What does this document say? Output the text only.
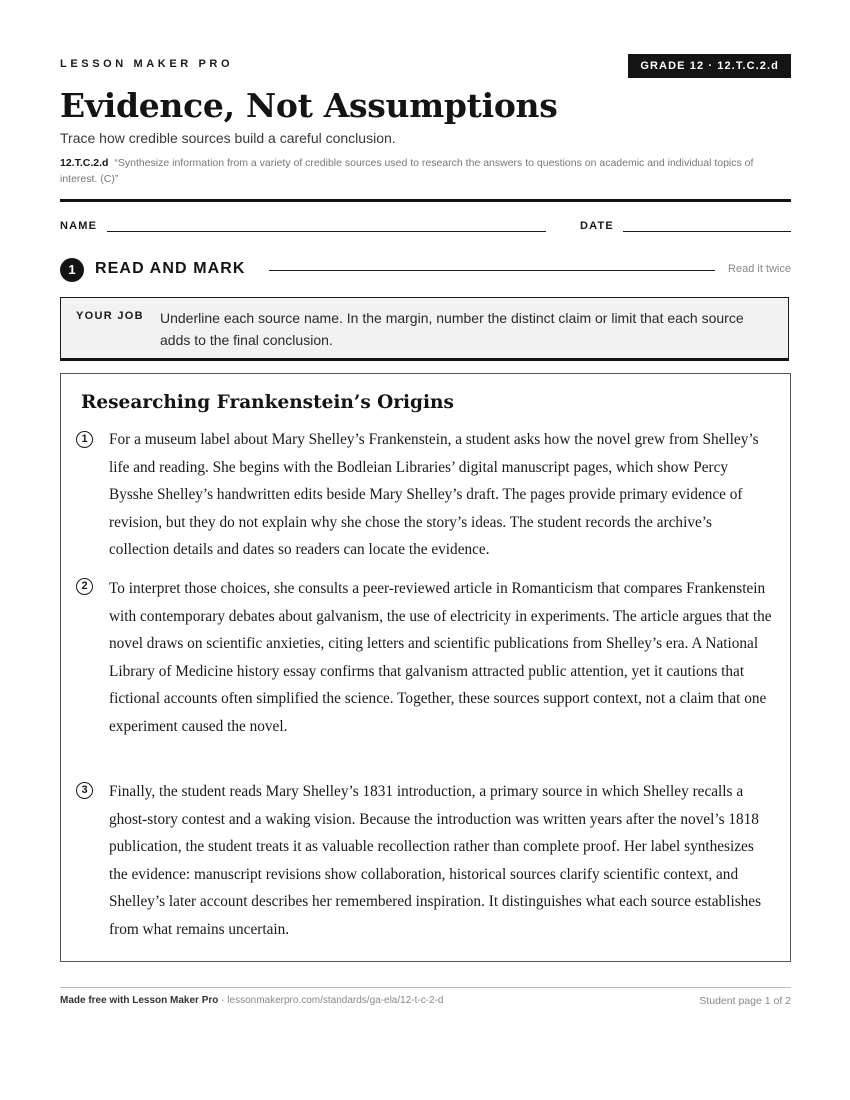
LESSON MAKER PRO	GRADE 12 · 12.T.C.2.d
Evidence, Not Assumptions
Trace how credible sources build a careful conclusion.
12.T.C.2.d “Synthesize information from a variety of credible sources used to research the answers to questions on academic and individual topics of interest. (C)”
NAME	DATE
1	READ AND MARK	Read it twice
YOUR JOB Underline each source name. In the margin, number the distinct claim or limit that each source adds to the final conclusion.
Researching Frankenstein’s Origins
1	For a museum label about Mary Shelley’s Frankenstein, a student asks how the novel grew from Shelley’s life and reading. She begins with the Bodleian Libraries’ digital manuscript pages, which show Percy Bysshe Shelley’s handwritten edits beside Mary Shelley’s draft. The pages provide primary evidence of revision, but they do not explain why she chose the story’s ideas. The student records the archive’s collection details and dates so readers can locate the evidence.
2	To interpret those choices, she consults a peer-reviewed article in Romanticism that compares Frankenstein with contemporary debates about galvanism, the use of electricity in experiments. The article argues that the novel draws on scientific anxieties, citing letters and scientific publications from Shelley’s era. A National Library of Medicine history essay confirms that galvanism attracted public attention, yet it cautions that fictional accounts often simplified the science. Together, these sources support context, not a claim that one experiment caused the novel.
3	Finally, the student reads Mary Shelley’s 1831 introduction, a primary source in which Shelley recalls a ghost-story contest and a waking vision. Because the introduction was written years after the novel’s 1818 publication, the student treats it as valuable recollection rather than complete proof. Her label synthesizes the evidence: manuscript revisions show collaboration, historical sources clarify scientific context, and Shelley’s later account describes her remembered inspiration. It distinguishes what each source establishes from what remains uncertain.
Made free with Lesson Maker Pro · lessonmakerpro.com/standards/ga-ela/12-t-c-2-d	Student page 1 of 2
